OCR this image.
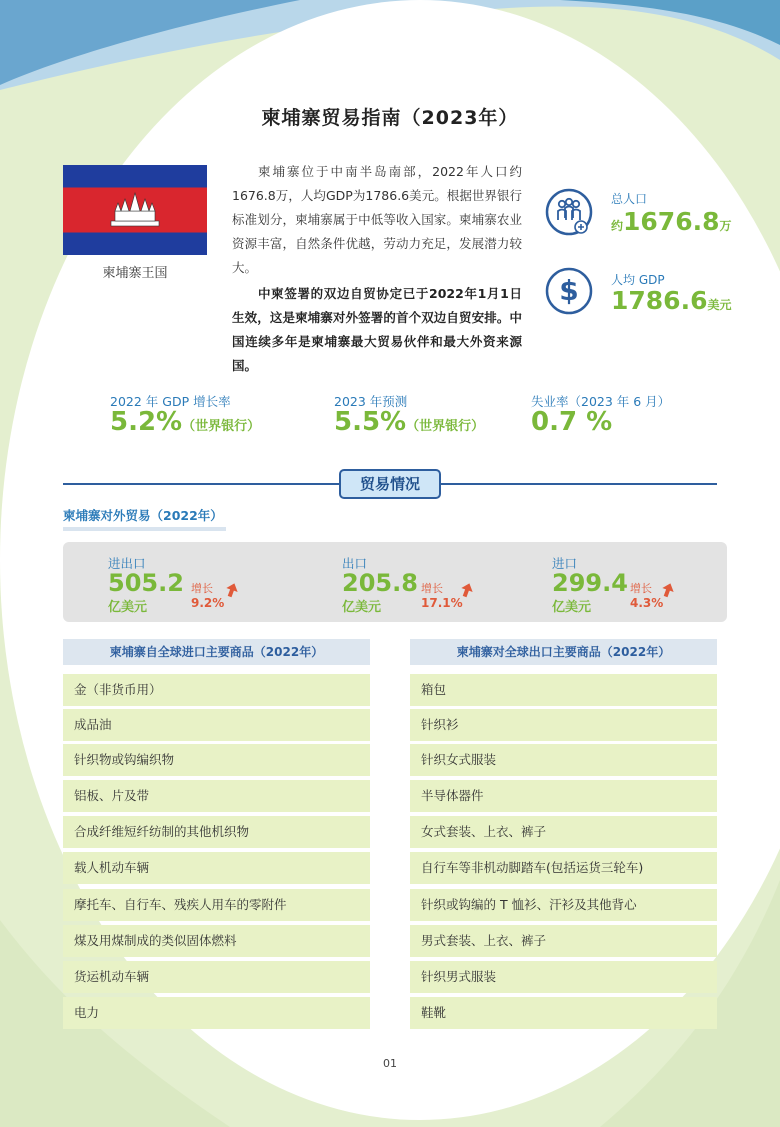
柬埔寨贸易指南（2023年）
柬埔寨王国

柬埔寨位于中南半岛南部，2022年人口约1676.8万，人均GDP为1786.6美元。根据世界银行标准划分，柬埔寨属于中低等收入国家。柬埔寨农业资源丰富，自然条件优越，劳动力充足，发展潜力较大。

中柬签署的双边自贸协定已于2022年1月1日生效，这是柬埔寨对外签署的首个双边自贸安排。中国连续多年是柬埔寨最大贸易伙伴和最大外资来源国。

总人口
约1676.8万
$	人均 GDP
1786.6美元
2022 年 GDP 增长率
5.2%（世界银行）
2023 年预测
5.5%（世界银行）
失业率（2023 年 6 月）
0.7 %
贸易情况
柬埔寨对外贸易（2022年）
进出口
505.2
亿美元
增长
9.2%
出口
205.8
亿美元
增长
17.1%
进口
299.4
亿美元
增长
4.3%
柬埔寨自全球进口主要商品（2022年）	柬埔寨对全球出口主要商品（2022年）
金（非货币用）
成品油
针织物或钩编织物
铝板、片及带
合成纤维短纤纺制的其他机织物
载人机动车辆
摩托车、自行车、残疾人用车的零附件
煤及用煤制成的类似固体燃料
货运机动车辆
电力
箱包
针织衫
针织女式服装
半导体器件
女式套装、上衣、裤子
自行车等非机动脚踏车(包括运货三轮车)
针织或钩编的 T 恤衫、汗衫及其他背心
男式套装、上衣、裤子
针织男式服装
鞋靴
01
